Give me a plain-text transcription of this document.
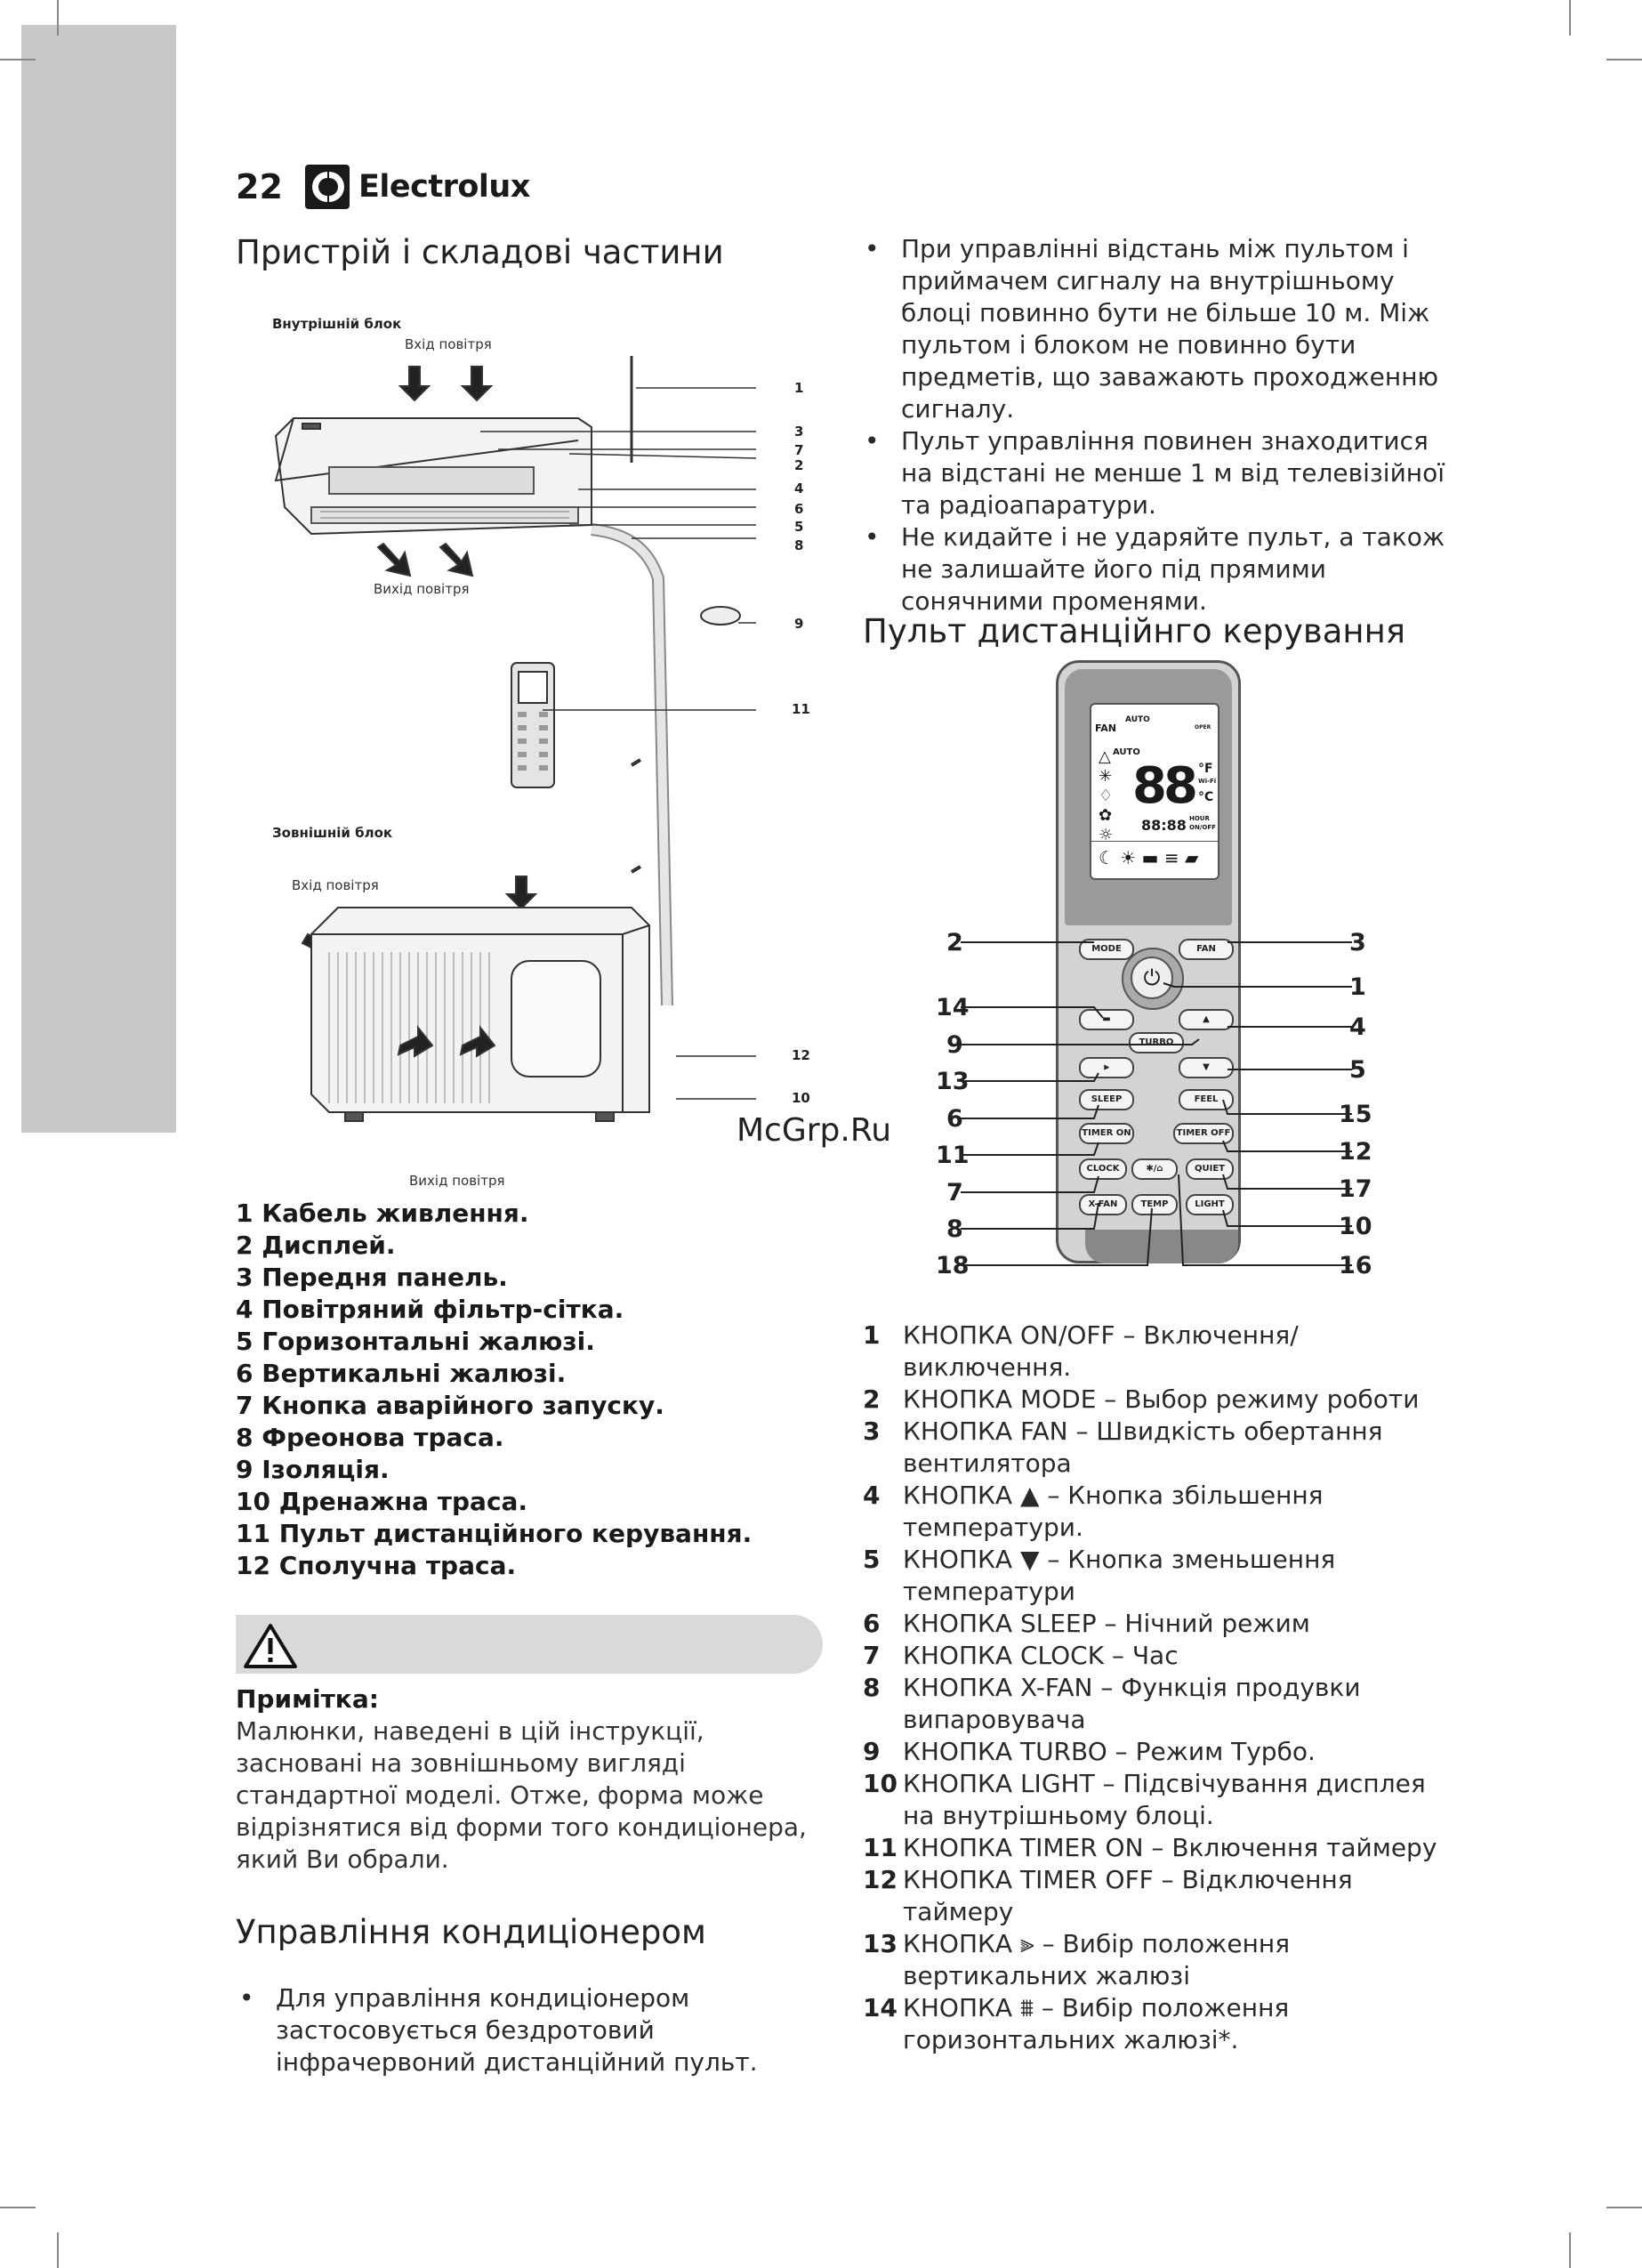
22 Electrolux
Пристрій і складові частини
Внутрішній блок
Вхід повітря
Вихід повітря
Зовнішній блок
Вхід повітря
Вихід повітря
1
3
7
2
4
6
5
8
9
11
12
10
1 Кабель живлення.
2 Дисплей.
3 Передня панель.
4 Повітряний фільтр-сітка.
5 Горизонтальні жалюзі.
6 Вертикальні жалюзі.
7 Кнопка аварійного запуску.
8 Фреонова траса.
9 Ізоляція.
10 Дренажна траса.
11 Пульт дистанційного керування.
12 Сполучна траса.
Примітка:
Малюнки, наведені в цій інструкції, засновані на зовнішньому вигляді стандартної моделі. Отже, форма може відрізнятися від форми того кондиціонера, який Ви обрали.
Управління кондиціонером
• Для управління кондиціонером застосовується бездротовий інфрачервоний дистанційний пульт.
• При управлінні відстань між пультом і приймачем сигналу на внутрішньому блоці повинно бути не більше 10 м. Між пультом і блоком не повинно бути предметів, що заважають проходженню сигналу.
• Пульт управління повинен знаходитися на відстані не менше 1 м від телевізійної та радіоапаратури.
• Не кидайте і не ударяйте пульт, а також не залишайте його під прямими сонячними променями.
Пульт дистанційнго керування
FAN
AUTO
OPER
AUTO
88 °F
Wi-Fi
°C
88:88 HOUR
ON/OFF
☾ ☀ ▬ ≡ ▰
△
✳
♢
✿
☼
⏻
MODE	FAN
▬	▲
TURBO
⫸	▼
SLEEP	FEEL
TIMER ON	TIMER OFF
CLOCK	✱/⌂	QUIET
X-FAN	TEMP	LIGHT
2
14
9
13
6
11
7
8
18
3
1
4
5
15
12
17
10
16
McGrp.Ru
1 КНОПКА ON/OFF – Включення/виключення.
2 КНОПКА MODE – Выбор режиму роботи
3 КНОПКА FAN – Швидкість обертання вентилятора
4 КНОПКА ▲ – Кнопка збільшення температури.
5 КНОПКА ▼ – Кнопка зменьшення температури
6 КНОПКА SLEEP – Нічний режим
7 КНОПКА CLOCK – Час
8 КНОПКА X-FAN – Функція продувки випаровувача
9 КНОПКА TURBO – Режим Турбо.
10 КНОПКА LIGHT – Підсвічування дисплея на внутрішньому блоці.
11 КНОПКА TIMER ON – Включення таймеру
12 КНОПКА TIMER OFF – Відключення таймеру
13 КНОПКА ⫸ – Вибір положення вертикальних жалюзі
14 КНОПКА ⩩ – Вибір положення горизонтальних жалюзі*.
